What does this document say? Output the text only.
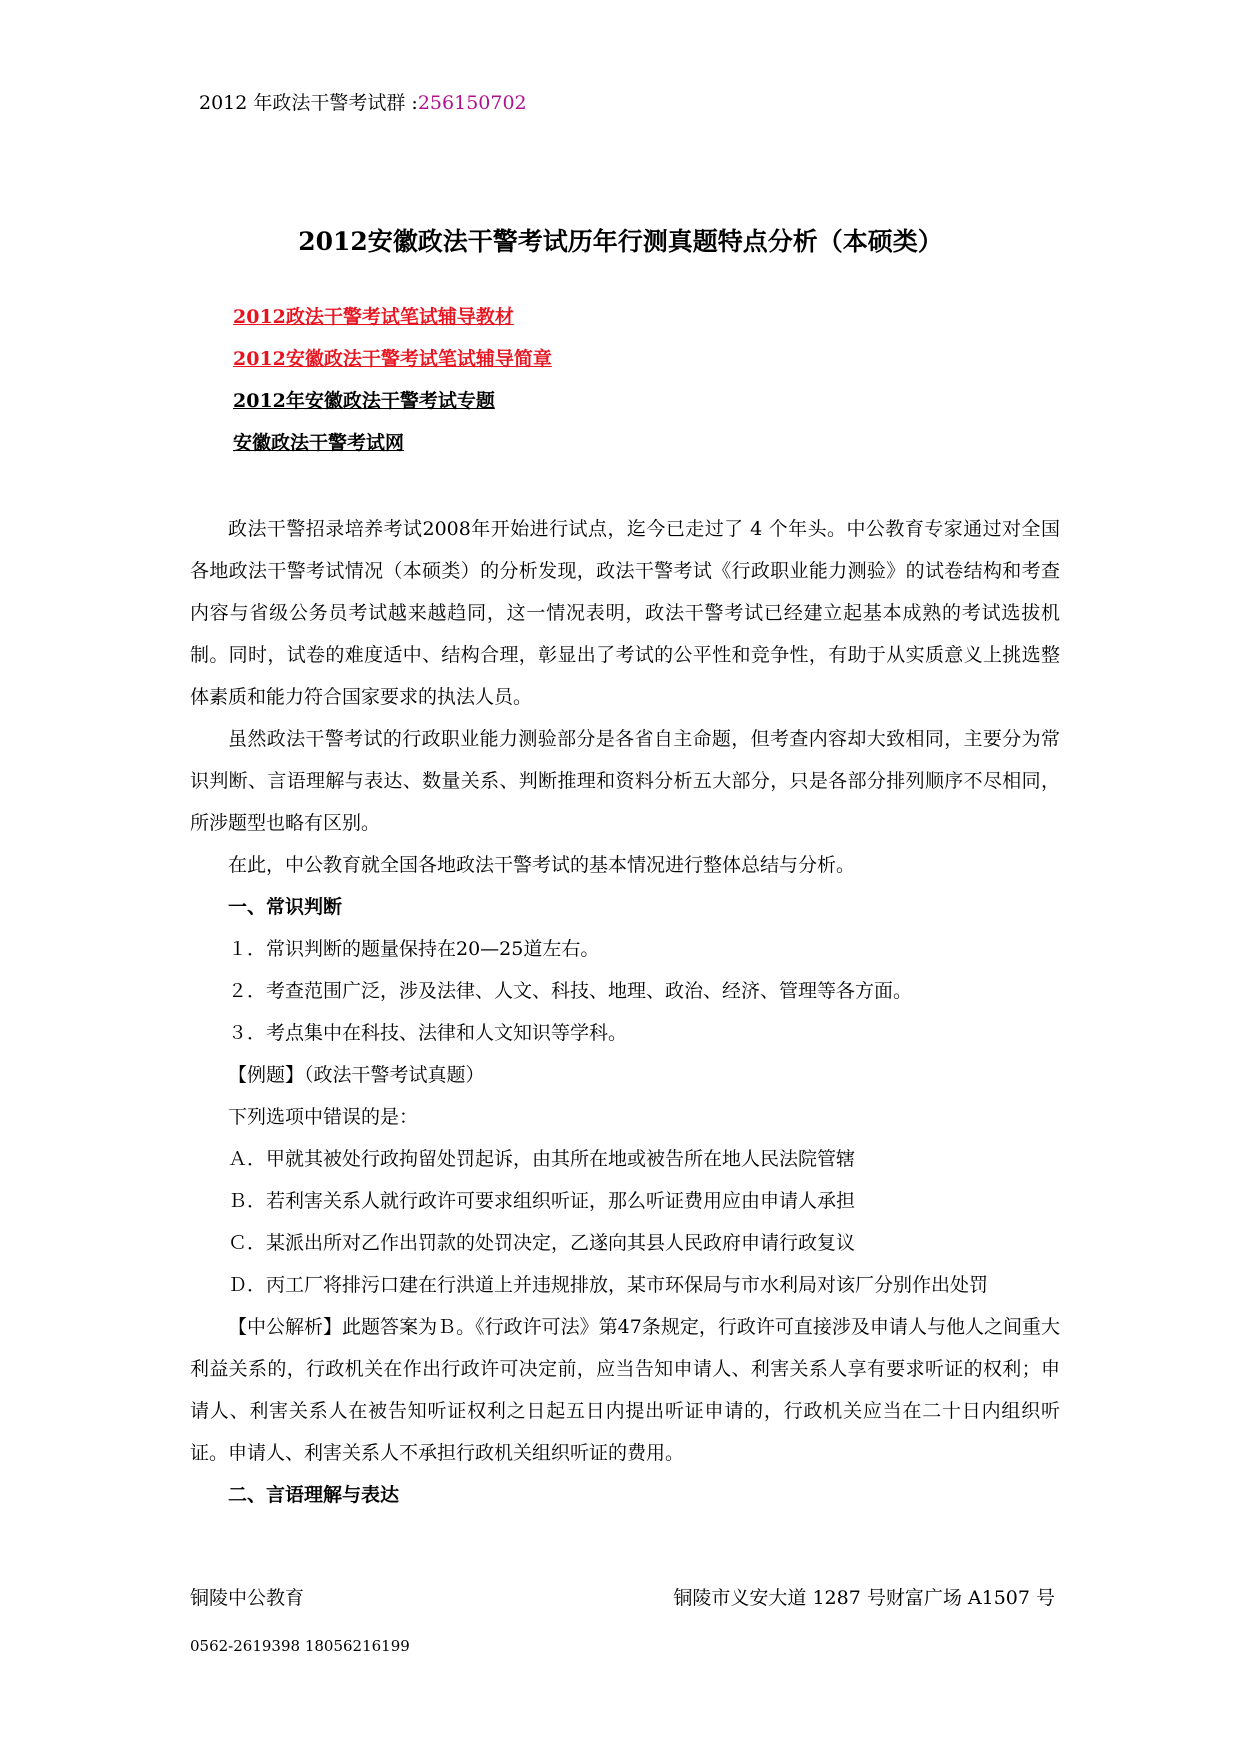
2012 年政法干警考试群 :256150702
2012安徽政法干警考试历年行测真题特点分析（本硕类）
2012政法干警考试笔试辅导教材
2012安徽政法干警考试笔试辅导简章
2012年安徽政法干警考试专题
安徽政法干警考试网

政法干警招录培养考试2008年开始进行试点，迄今已走过了 4 个年头。中公教育专家通过对全国各地政法干警考试情况（本硕类）的分析发现，政法干警考试《行政职业能力测验》的试卷结构和考查内容与省级公务员考试越来越趋同，这一情况表明，政法干警考试已经建立起基本成熟的考试选拔机制。同时，试卷的难度适中、结构合理，彰显出了考试的公平性和竞争性，有助于从实质意义上挑选整体素质和能力符合国家要求的执法人员。

虽然政法干警考试的行政职业能力测验部分是各省自主命题，但考查内容却大致相同，主要分为常识判断、言语理解与表达、数量关系、判断推理和资料分析五大部分，只是各部分排列顺序不尽相同，所涉题型也略有区别。

在此，中公教育就全国各地政法干警考试的基本情况进行整体总结与分析。

一、常识判断

１．常识判断的题量保持在20—25道左右。

２．考查范围广泛，涉及法律、人文、科技、地理、政治、经济、管理等各方面。

３．考点集中在科技、法律和人文知识等学科。

【例题】（政法干警考试真题）

下列选项中错误的是：

Ａ．甲就其被处行政拘留处罚起诉，由其所在地或被告所在地人民法院管辖

Ｂ．若利害关系人就行政许可要求组织听证，那么听证费用应由申请人承担

Ｃ．某派出所对乙作出罚款的处罚决定，乙遂向其县人民政府申请行政复议

Ｄ．丙工厂将排污口建在行洪道上并违规排放，某市环保局与市水利局对该厂分别作出处罚

【中公解析】此题答案为Ｂ。《行政许可法》第47条规定，行政许可直接涉及申请人与他人之间重大利益关系的，行政机关在作出行政许可决定前，应当告知申请人、利害关系人享有要求听证的权利；申请人、利害关系人在被告知听证权利之日起五日内提出听证申请的，行政机关应当在二十日内组织听证。申请人、利害关系人不承担行政机关组织听证的费用。

二、言语理解与表达

铜陵中公教育	铜陵市义安大道 1287 号财富广场 A1507 号
0562-2619398 18056216199
